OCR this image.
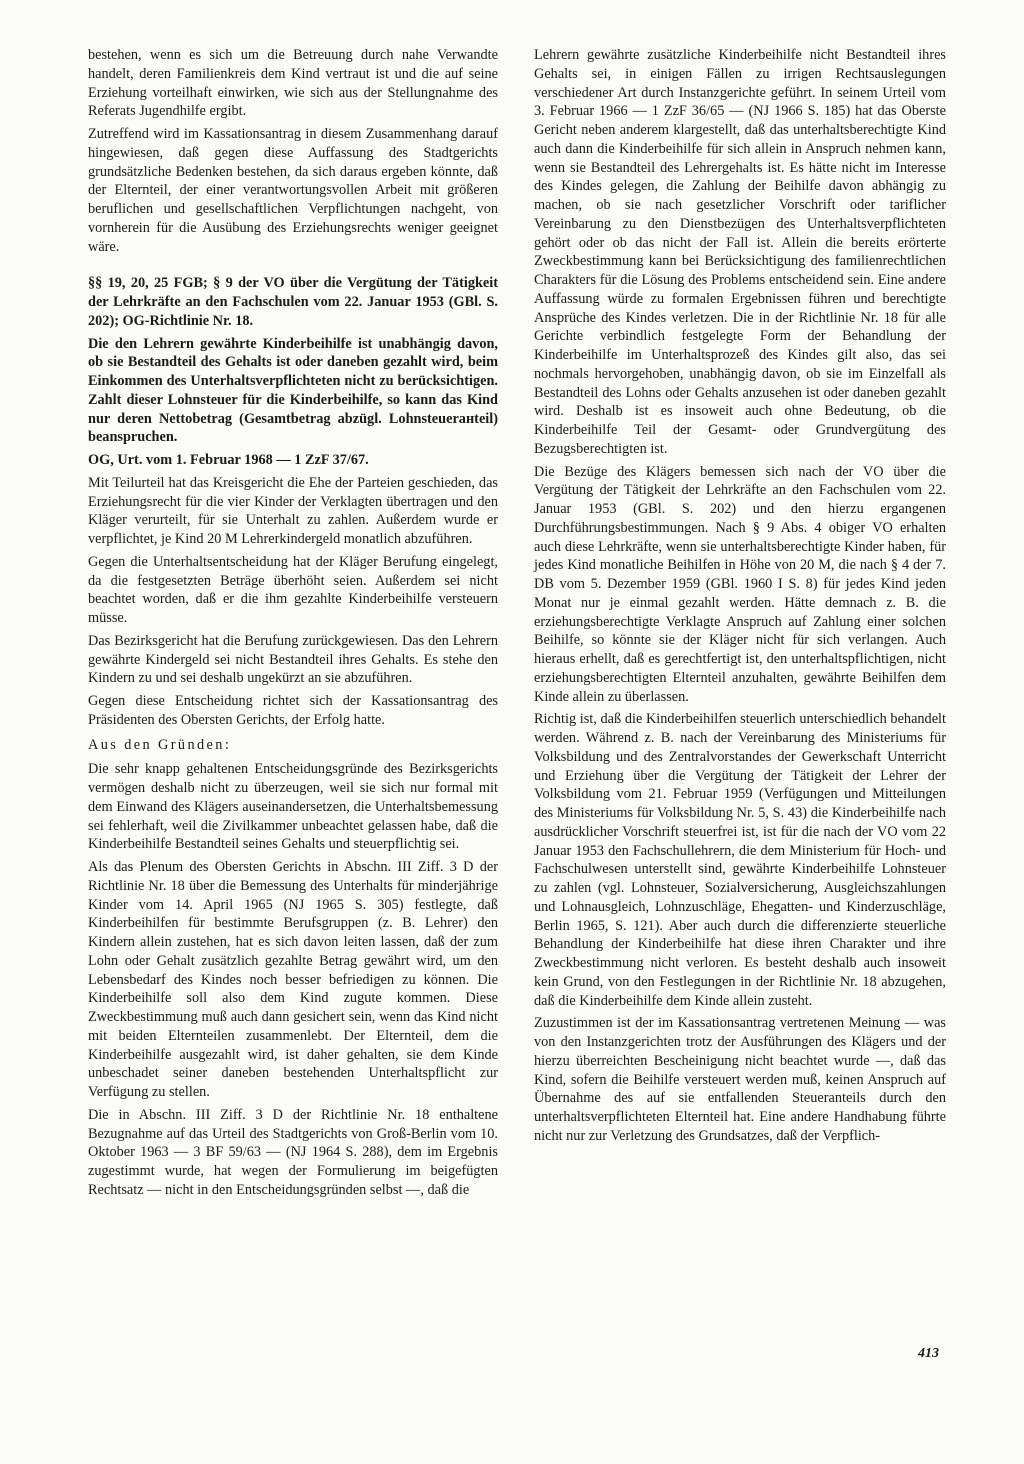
bestehen, wenn es sich um die Betreuung durch nahe Verwandte handelt, deren Familienkreis dem Kind vertraut ist und die auf seine Erziehung vorteilhaft einwirken, wie sich aus der Stellungnahme des Referats Jugendhilfe ergibt.

Zutreffend wird im Kassationsantrag in diesem Zusammenhang darauf hingewiesen, daß gegen diese Auffassung des Stadtgerichts grundsätzliche Bedenken bestehen, da sich daraus ergeben könnte, daß der Elternteil, der einer verantwortungsvollen Arbeit mit größeren beruflichen und gesellschaftlichen Verpflichtungen nachgeht, von vornherein für die Ausübung des Erziehungsrechts weniger geeignet wäre.

§§ 19, 20, 25 FGB; § 9 der VO über die Vergütung der Tätigkeit der Lehrkräfte an den Fachschulen vom 22. Januar 1953 (GBl. S. 202); OG-Richtlinie Nr. 18.

Die den Lehrern gewährte Kinderbeihilfe ist unabhängig davon, ob sie Bestandteil des Gehalts ist oder daneben gezahlt wird, beim Einkommen des Unterhaltsverpflichteten nicht zu berücksichtigen. Zahlt dieser Lohnsteuer für die Kinderbeihilfe, so kann das Kind nur deren Nettobetrag (Gesamtbetrag abzügl. Lohnsteuerанteil) beanspruchen.

OG, Urt. vom 1. Februar 1968 — 1 ZzF 37/67.

Mit Teilurteil hat das Kreisgericht die Ehe der Parteien geschieden, das Erziehungsrecht für die vier Kinder der Verklagten übertragen und den Kläger verurteilt, für sie Unterhalt zu zahlen. Außerdem wurde er verpflichtet, je Kind 20 M Lehrerkindergeld monatlich abzuführen.

Gegen die Unterhaltsentscheidung hat der Kläger Berufung eingelegt, da die festgesetzten Beträge überhöht seien. Außerdem sei nicht beachtet worden, daß er die ihm gezahlte Kinderbeihilfe versteuern müsse.

Das Bezirksgericht hat die Berufung zurückgewiesen. Das den Lehrern gewährte Kindergeld sei nicht Bestandteil ihres Gehalts. Es stehe den Kindern zu und sei deshalb ungekürzt an sie abzuführen.

Gegen diese Entscheidung richtet sich der Kassationsantrag des Präsidenten des Obersten Gerichts, der Erfolg hatte.

Aus den Gründen:

Die sehr knapp gehaltenen Entscheidungsgründe des Bezirksgerichts vermögen deshalb nicht zu überzeugen, weil sie sich nur formal mit dem Einwand des Klägers auseinandersetzen, die Unterhaltsbemessung sei fehlerhaft, weil die Zivilkammer unbeachtet gelassen habe, daß die Kinderbeihilfe Bestandteil seines Gehalts und steuerpflichtig sei.

Als das Plenum des Obersten Gerichts in Abschn. III Ziff. 3 D der Richtlinie Nr. 18 über die Bemessung des Unterhalts für minderjährige Kinder vom 14. April 1965 (NJ 1965 S. 305) festlegte, daß Kinderbeihilfen für bestimmte Berufsgruppen (z. B. Lehrer) den Kindern allein zustehen, hat es sich davon leiten lassen, daß der zum Lohn oder Gehalt zusätzlich gezahlte Betrag gewährt wird, um den Lebensbedarf des Kindes noch besser befriedigen zu können. Die Kinderbeihilfe soll also dem Kind zugute kommen. Diese Zweckbestimmung muß auch dann gesichert sein, wenn das Kind nicht mit beiden Elternteilen zusammenlebt. Der Elternteil, dem die Kinderbeihilfe ausgezahlt wird, ist daher gehalten, sie dem Kinde unbeschadet seiner daneben bestehenden Unterhaltspflicht zur Verfügung zu stellen.

Die in Abschn. III Ziff. 3 D der Richtlinie Nr. 18 enthaltene Bezugnahme auf das Urteil des Stadtgerichts von Groß-Berlin vom 10. Oktober 1963 — 3 BF 59/63 — (NJ 1964 S. 288), dem im Ergebnis zugestimmt wurde, hat wegen der Formulierung im beigefügten Rechtsatz — nicht in den Entscheidungsgründen selbst —, daß die

Lehrern gewährte zusätzliche Kinderbeihilfe nicht Bestandteil ihres Gehalts sei, in einigen Fällen zu irrigen Rechtsauslegungen verschiedener Art durch Instanzgerichte geführt. In seinem Urteil vom 3. Februar 1966 — 1 ZzF 36/65 — (NJ 1966 S. 185) hat das Oberste Gericht neben anderem klargestellt, daß das unterhaltsberechtigte Kind auch dann die Kinderbeihilfe für sich allein in Anspruch nehmen kann, wenn sie Bestandteil des Lehrergehalts ist. Es hätte nicht im Interesse des Kindes gelegen, die Zahlung der Beihilfe davon abhängig zu machen, ob sie nach gesetzlicher Vorschrift oder tariflicher Vereinbarung zu den Dienstbezügen des Unterhaltsverpflichteten gehört oder ob das nicht der Fall ist. Allein die bereits erörterte Zweckbestimmung kann bei Berücksichtigung des familienrechtlichen Charakters für die Lösung des Problems entscheidend sein. Eine andere Auffassung würde zu formalen Ergebnissen führen und berechtigte Ansprüche des Kindes verletzen. Die in der Richtlinie Nr. 18 für alle Gerichte verbindlich festgelegte Form der Behandlung der Kinderbeihilfe im Unterhaltsprozeß des Kindes gilt also, das sei nochmals hervorgehoben, unabhängig davon, ob sie im Einzelfall als Bestandteil des Lohns oder Gehalts anzusehen ist oder daneben gezahlt wird. Deshalb ist es insoweit auch ohne Bedeutung, ob die Kinderbeihilfe Teil der Gesamt- oder Grundvergütung des Bezugsberechtigten ist.

Die Bezüge des Klägers bemessen sich nach der VO über die Vergütung der Tätigkeit der Lehrkräfte an den Fachschulen vom 22. Januar 1953 (GBl. S. 202) und den hierzu ergangenen Durchführungsbestimmungen. Nach § 9 Abs. 4 obiger VO erhalten auch diese Lehrkräfte, wenn sie unterhaltsberechtigte Kinder haben, für jedes Kind monatliche Beihilfen in Höhe von 20 M, die nach § 4 der 7. DB vom 5. Dezember 1959 (GBl. 1960 I S. 8) für jedes Kind jeden Monat nur je einmal gezahlt werden. Hätte demnach z. B. die erziehungsberechtigte Verklagte Anspruch auf Zahlung einer solchen Beihilfe, so könnte sie der Kläger nicht für sich verlangen. Auch hieraus erhellt, daß es gerechtfertigt ist, den unterhaltspflichtigen, nicht erziehungsberechtigten Elternteil anzuhalten, gewährte Beihilfen dem Kinde allein zu überlassen.

Richtig ist, daß die Kinderbeihilfen steuerlich unterschiedlich behandelt werden. Während z. B. nach der Vereinbarung des Ministeriums für Volksbildung und des Zentralvorstandes der Gewerkschaft Unterricht und Erziehung über die Vergütung der Tätigkeit der Lehrer der Volksbildung vom 21. Februar 1959 (Verfügungen und Mitteilungen des Ministeriums für Volksbildung Nr. 5, S. 43) die Kinderbeihilfe nach ausdrücklicher Vorschrift steuerfrei ist, ist für die nach der VO vom 22 Januar 1953 den Fachschullehrern, die dem Ministerium für Hoch- und Fachschulwesen unterstellt sind, gewährte Kinderbeihilfe Lohnsteuer zu zahlen (vgl. Lohnsteuer, Sozialversicherung, Ausgleichszahlungen und Lohnausgleich, Lohnzuschläge, Ehegatten- und Kinderzuschläge, Berlin 1965, S. 121). Aber auch durch die differenzierte steuerliche Behandlung der Kinderbeihilfe hat diese ihren Charakter und ihre Zweckbestimmung nicht verloren. Es besteht deshalb auch insoweit kein Grund, von den Festlegungen in der Richtlinie Nr. 18 abzugehen, daß die Kinderbeihilfe dem Kinde allein zusteht.

Zuzustimmen ist der im Kassationsantrag vertretenen Meinung — was von den Instanzgerichten trotz der Ausführungen des Klägers und der hierzu überreichten Bescheinigung nicht beachtet wurde —, daß das Kind, sofern die Beihilfe versteuert werden muß, keinen Anspruch auf Übernahme des auf sie entfallenden Steueranteils durch den unterhaltsverpflichteten Elternteil hat. Eine andere Handhabung führte nicht nur zur Verletzung des Grundsatzes, daß der Verpflich-

413
